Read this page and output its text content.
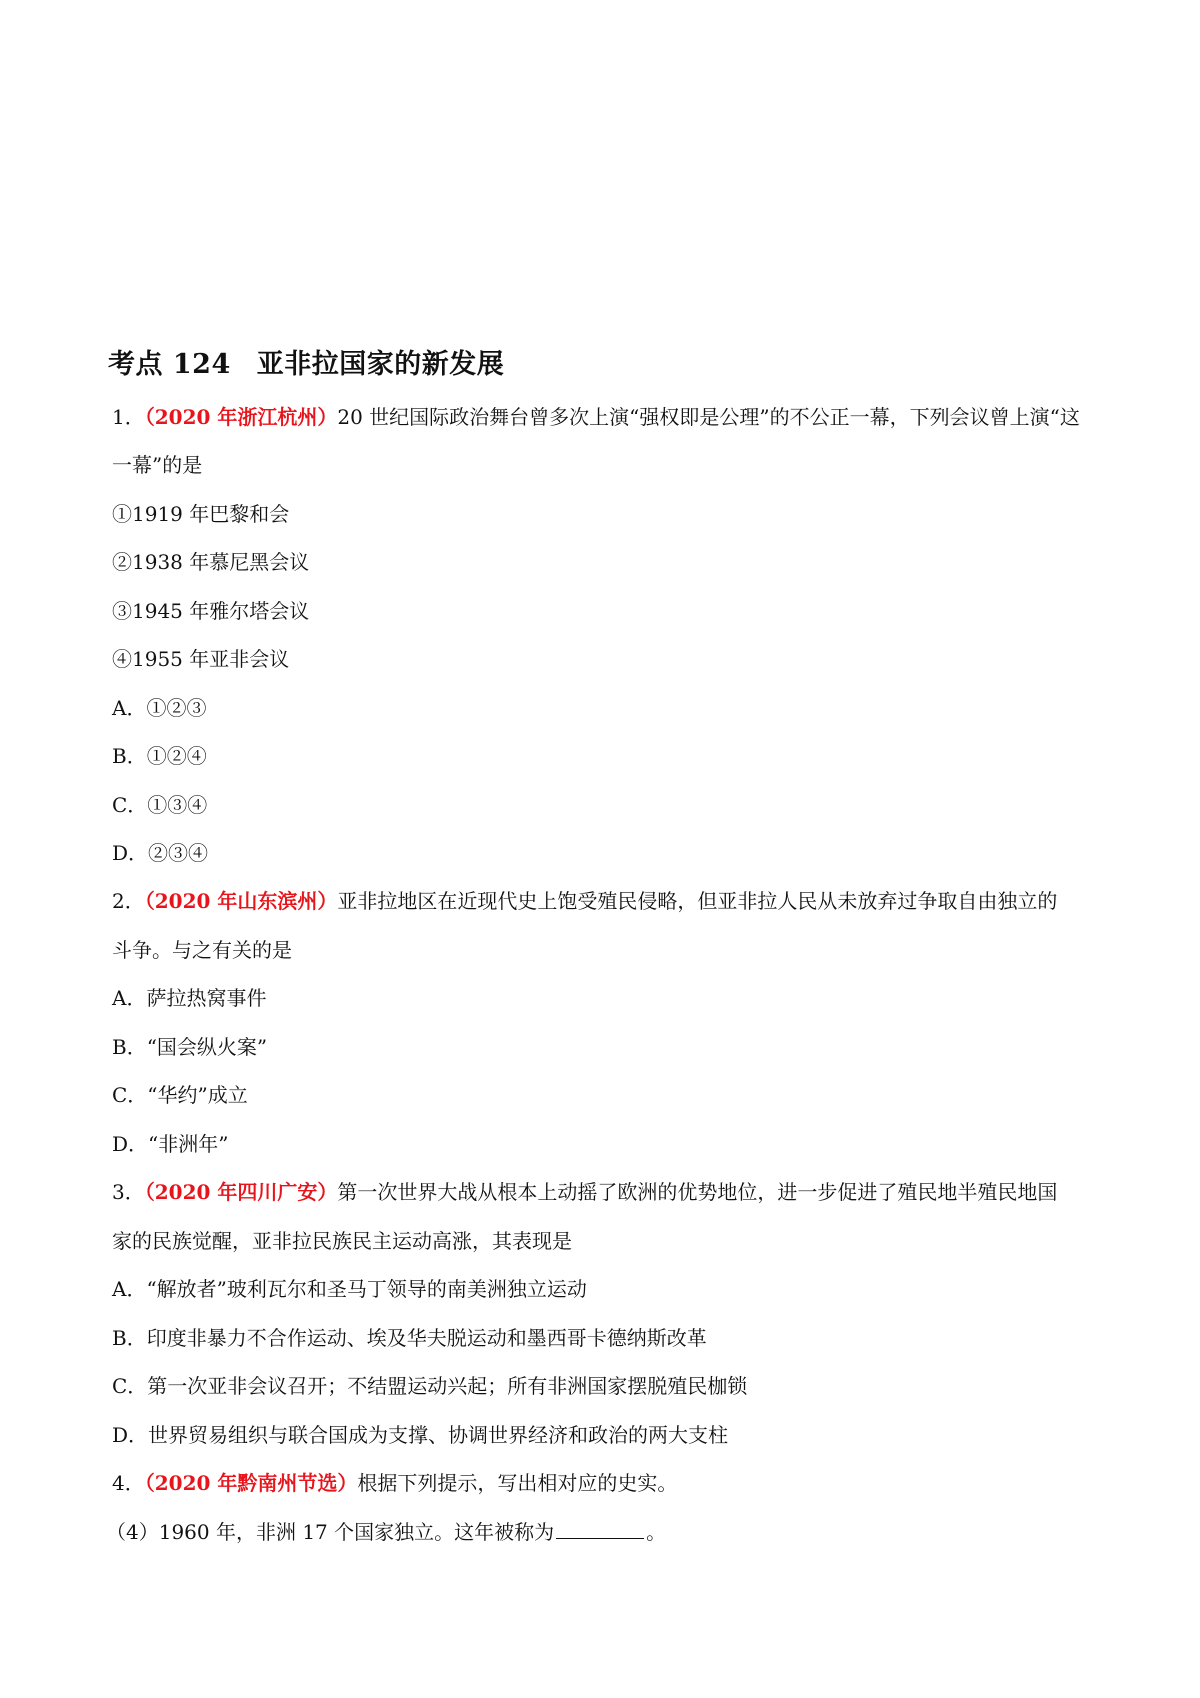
考点 124 亚非拉国家的新发展
1．（2020 年浙江杭州）20 世纪国际政治舞台曾多次上演“强权即是公理”的不公正一幕，下列会议曾上演“这
一幕”的是
①1919 年巴黎和会
②1938 年慕尼黑会议
③1945 年雅尔塔会议
④1955 年亚非会议
A．①②③
B．①②④
C．①③④
D．②③④
2．（2020 年山东滨州）亚非拉地区在近现代史上饱受殖民侵略，但亚非拉人民从未放弃过争取自由独立的
斗争。与之有关的是
A．萨拉热窝事件
B．“国会纵火案”
C．“华约”成立
D．“非洲年”
3．（2020 年四川广安）第一次世界大战从根本上动摇了欧洲的优势地位，进一步促进了殖民地半殖民地国
家的民族觉醒，亚非拉民族民主运动高涨，其表现是
A．“解放者”玻利瓦尔和圣马丁领导的南美洲独立运动
B．印度非暴力不合作运动、埃及华夫脱运动和墨西哥卡德纳斯改革
C．第一次亚非会议召开；不结盟运动兴起；所有非洲国家摆脱殖民枷锁
D．世界贸易组织与联合国成为支撑、协调世界经济和政治的两大支柱
4．（2020 年黔南州节选）根据下列提示，写出相对应的史实。
（4）1960 年，非洲 17 个国家独立。这年被称为	。
